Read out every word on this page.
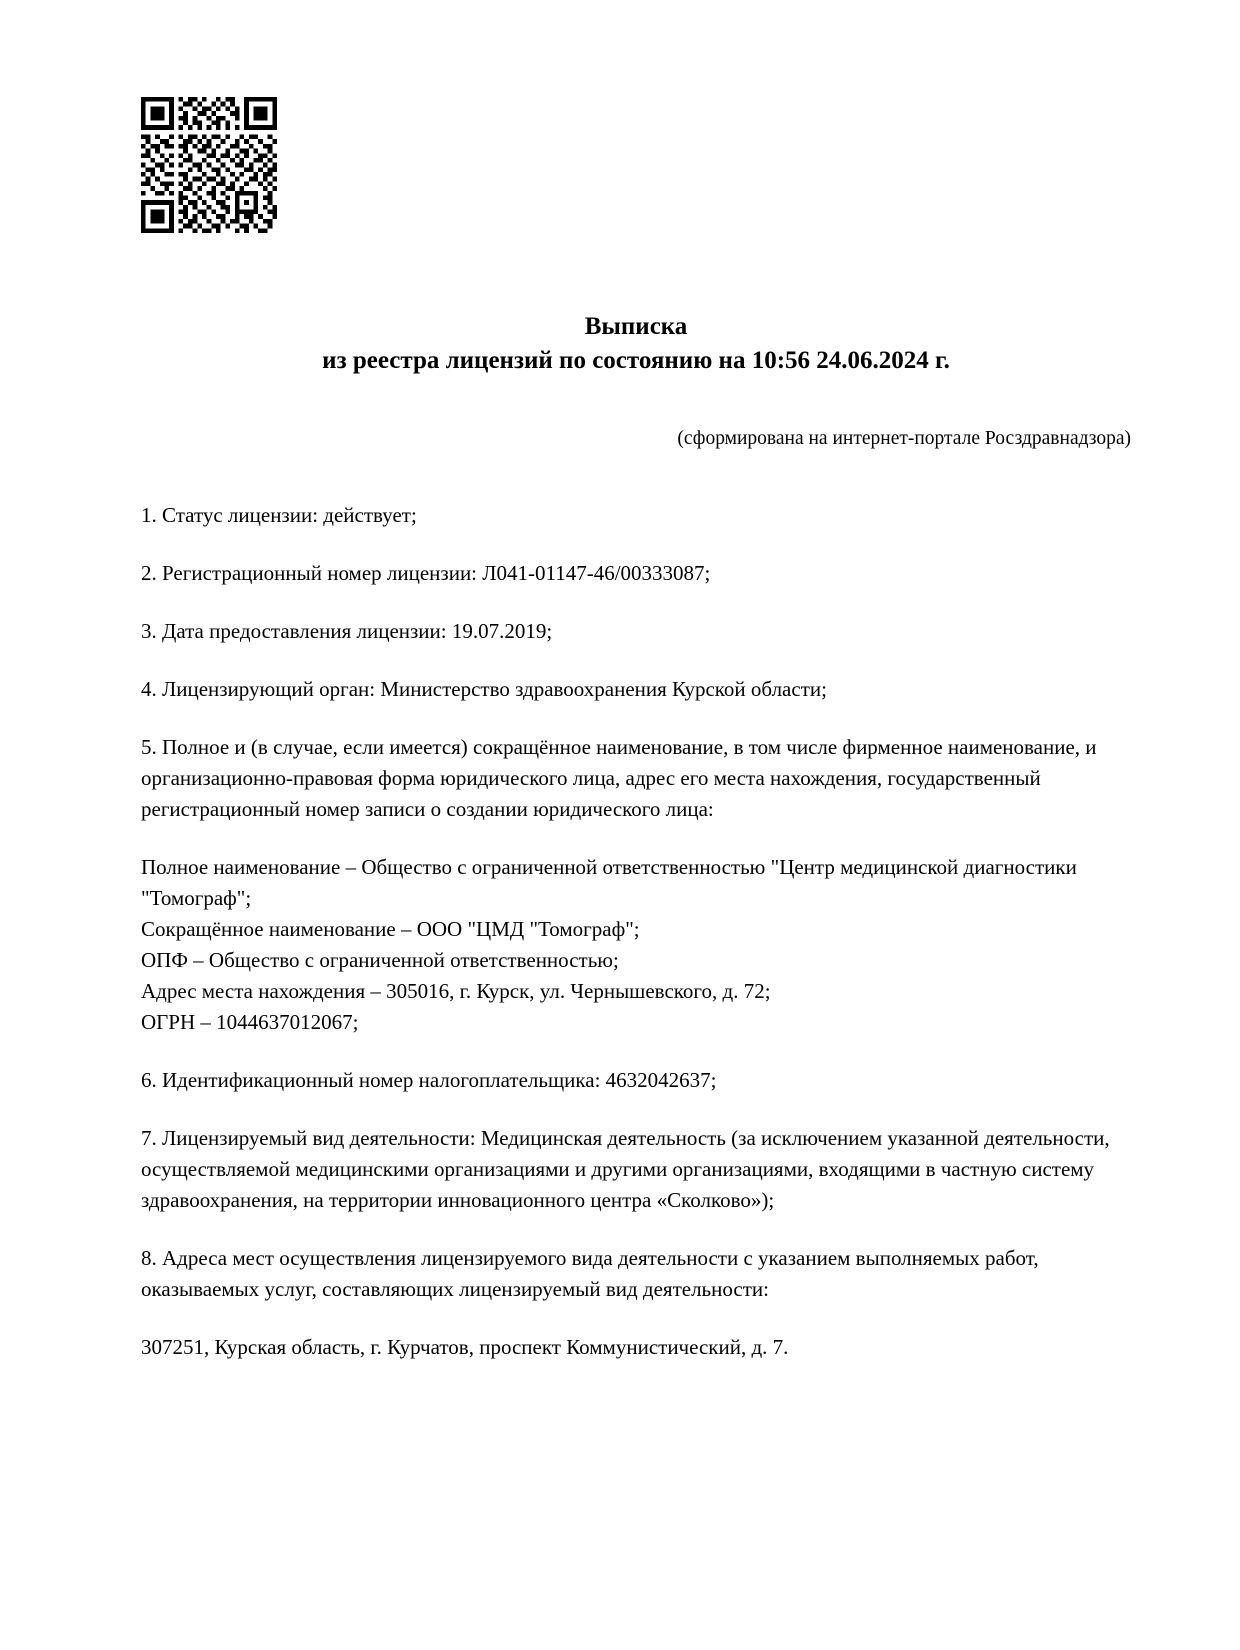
Выписка
из реестра лицензий по состоянию на 10:56 24.06.2024 г.

(сформирована на интернет-портале Росздравнадзора)

1. Статус лицензии: действует;

2. Регистрационный номер лицензии: Л041-01147-46/00333087;

3. Дата предоставления лицензии: 19.07.2019;

4. Лицензирующий орган: Министерство здравоохранения Курской области;

5. Полное и (в случае, если имеется) сокращённое наименование, в том числе фирменное наименование, и организационно-правовая форма юридического лица, адрес его места нахождения, государственный регистрационный номер записи о создании юридического лица:

Полное наименование – Общество с ограниченной ответственностью "Центр медицинской диагностики "Томограф";
Сокращённое наименование – ООО "ЦМД "Томограф";
ОПФ – Общество с ограниченной ответственностью;
Адрес места нахождения – 305016, г. Курск, ул. Чернышевского, д. 72;
ОГРН – 1044637012067;

6. Идентификационный номер налогоплательщика: 4632042637;

7. Лицензируемый вид деятельности: Медицинская деятельность (за исключением указанной деятельности, осуществляемой медицинскими организациями и другими организациями, входящими в частную систему здравоохранения, на территории инновационного центра «Сколково»);

8. Адреса мест осуществления лицензируемого вида деятельности с указанием выполняемых работ, оказываемых услуг, составляющих лицензируемый вид деятельности:

307251, Курская область, г. Курчатов, проспект Коммунистический, д. 7.
